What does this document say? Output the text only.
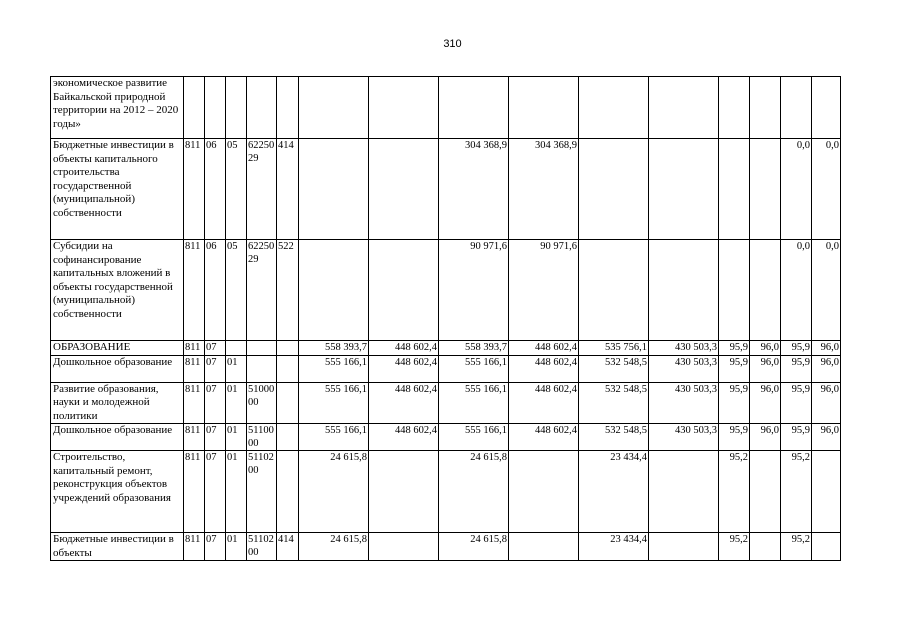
310
экономическое развитие Байкальской природной территории на 2012 – 2020 годы»															
Бюджетные инвестиции в объекты капитального строительства государственной (муниципальной) собственности	811	06	05	6225029	414			304 368,9	304 368,9					0,0	0,0
Субсидии на софинансирование капитальных вложений в объекты государственной (муниципальной) собственности	811	06	05	6225029	522			90 971,6	90 971,6					0,0	0,0
ОБРАЗОВАНИЕ	811	07				558 393,7	448 602,4	558 393,7	448 602,4	535 756,1	430 503,3	95,9	96,0	95,9	96,0
Дошкольное образование	811	07	01			555 166,1	448 602,4	555 166,1	448 602,4	532 548,5	430 503,3	95,9	96,0	95,9	96,0
Развитие образования, науки и молодежной политики	811	07	01	5100000		555 166,1	448 602,4	555 166,1	448 602,4	532 548,5	430 503,3	95,9	96,0	95,9	96,0
Дошкольное образование	811	07	01	5110000		555 166,1	448 602,4	555 166,1	448 602,4	532 548,5	430 503,3	95,9	96,0	95,9	96,0
Строительство, капитальный ремонт, реконструкция объектов учреждений образования	811	07	01	5110200		24 615,8		24 615,8		23 434,4		95,2		95,2	
Бюджетные инвестиции в объекты	811	07	01	5110200	414	24 615,8		24 615,8		23 434,4		95,2		95,2	
